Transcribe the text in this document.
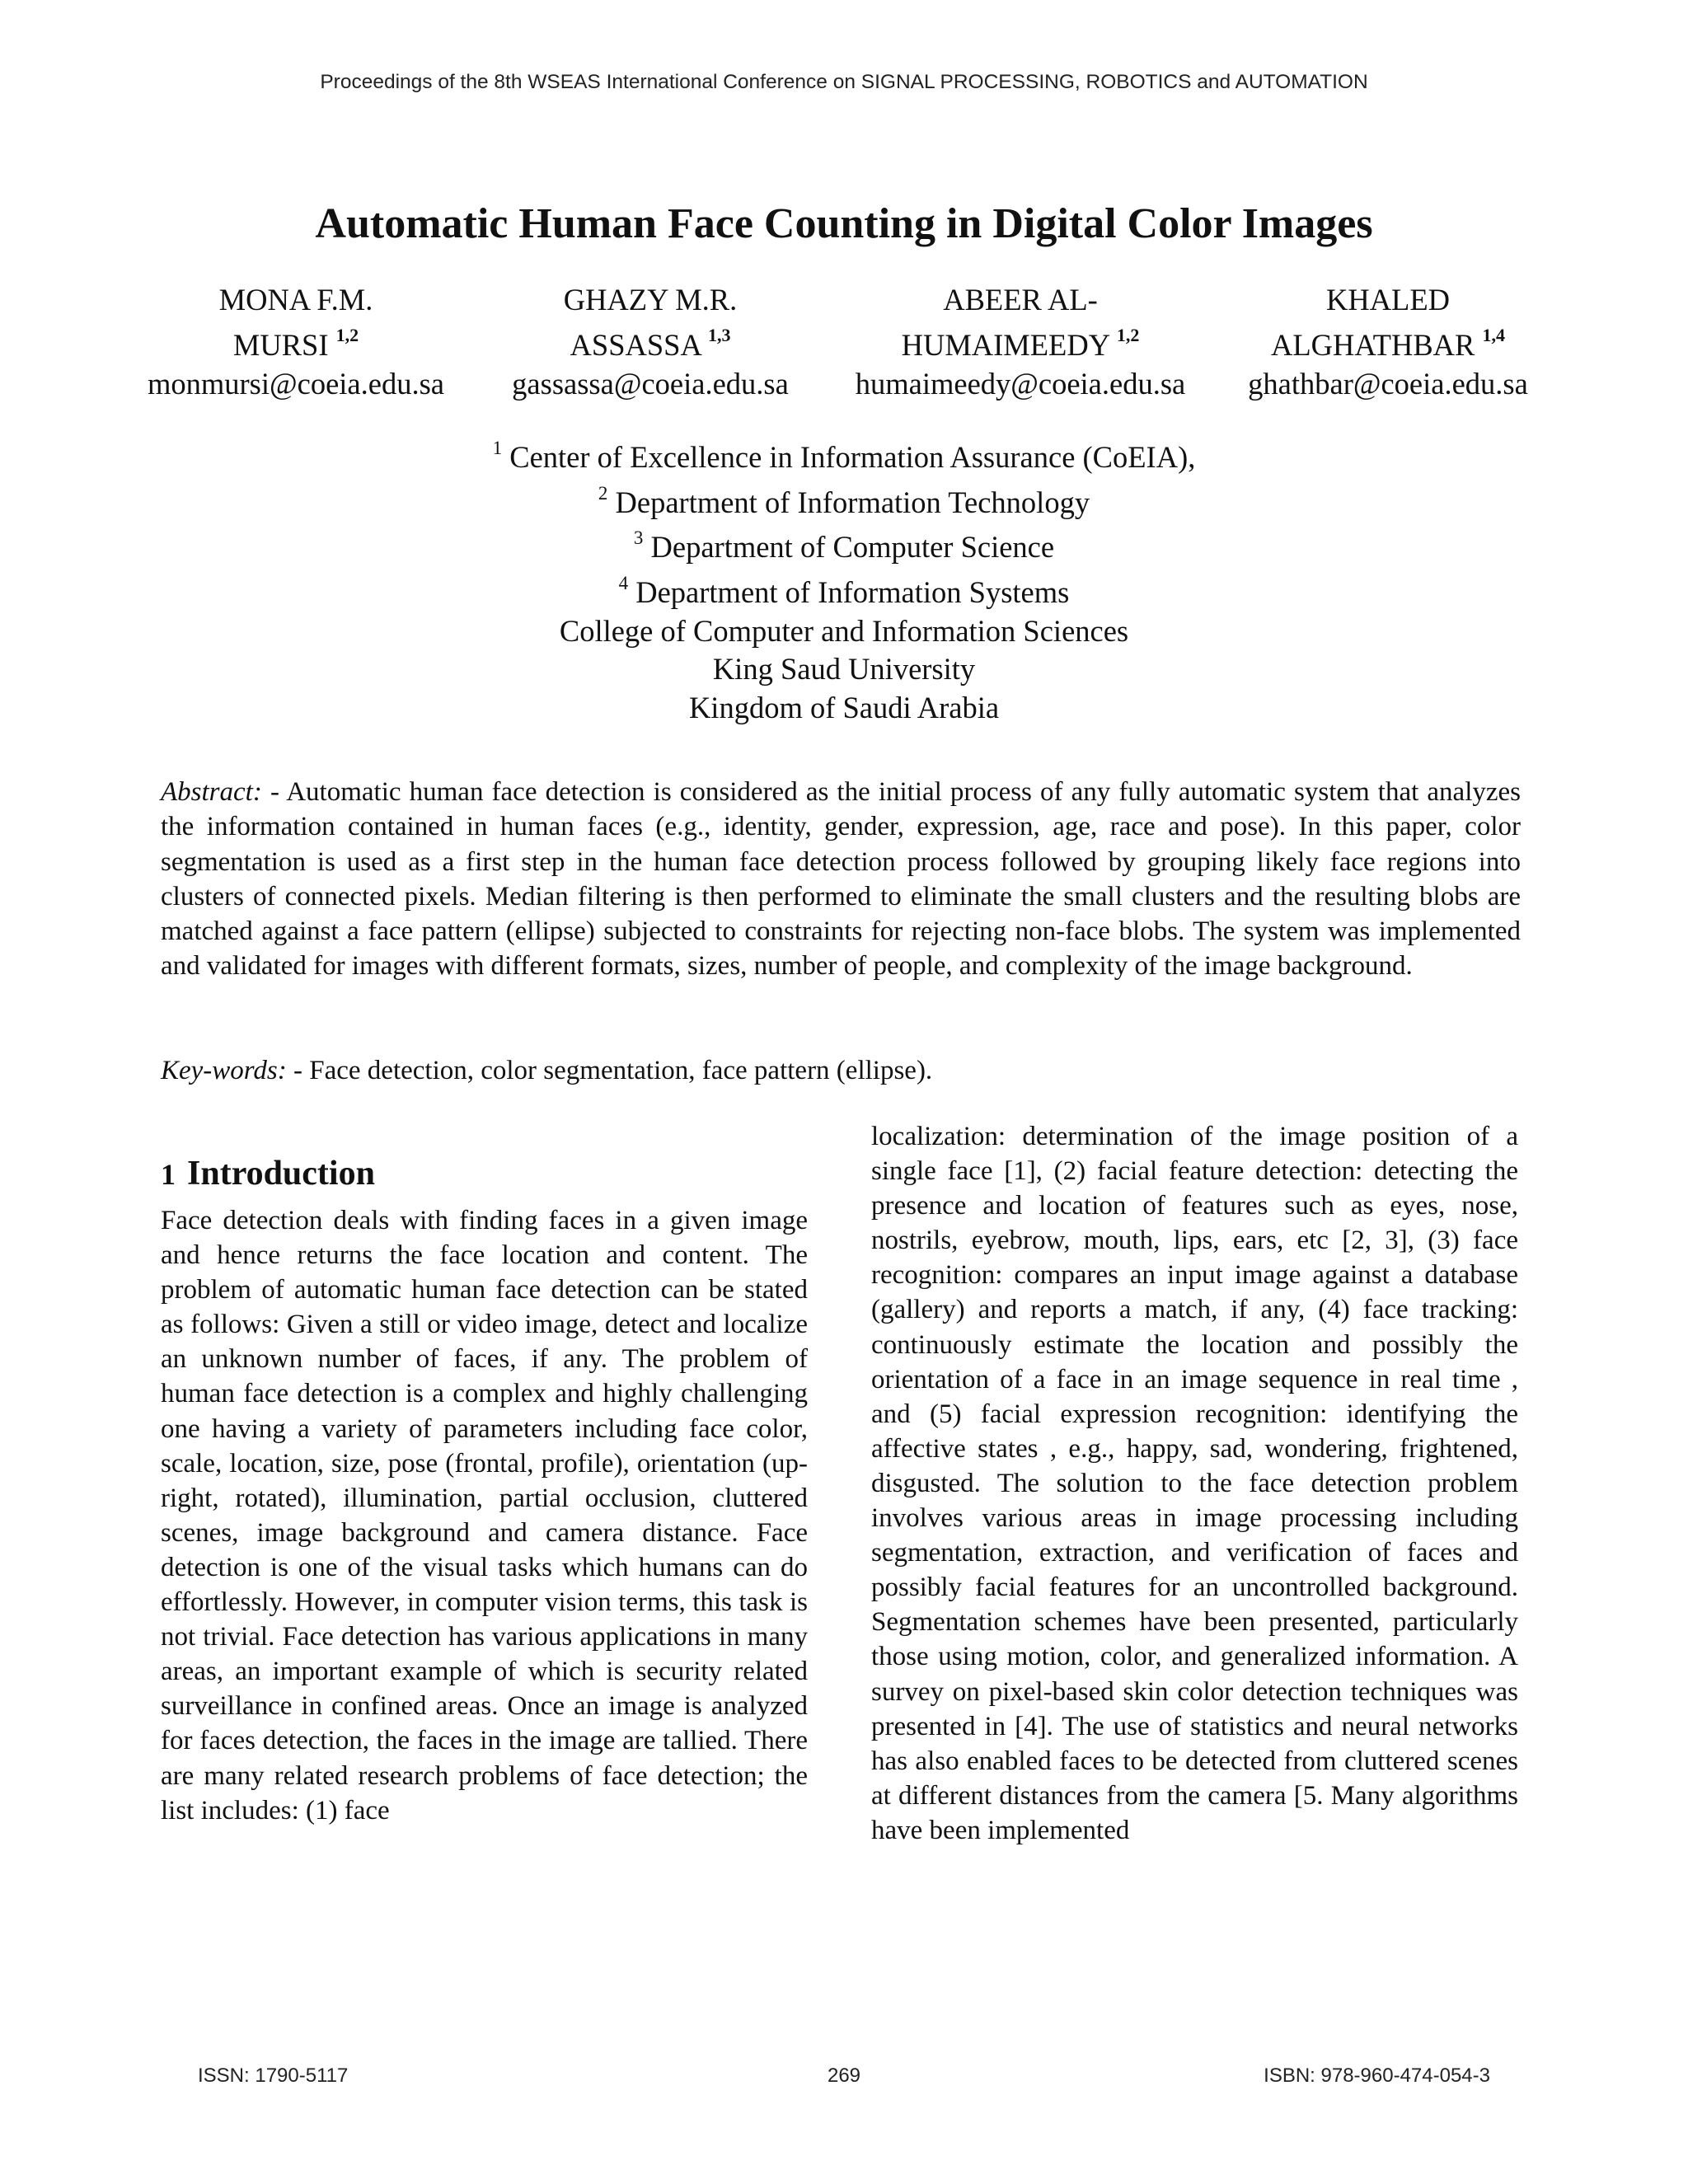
Proceedings of the 8th WSEAS International Conference on SIGNAL PROCESSING, ROBOTICS and AUTOMATION
Automatic Human Face Counting in Digital Color Images
MONA F.M.
MURSI $^{1,2}$
monmursi@coeia.edu.sa
GHAZY M.R.
ASSASSA $^{1,3}$
gassassa@coeia.edu.sa
ABEER AL-
HUMAIMEEDY $^{1,2}$
humaimeedy@coeia.edu.sa
KHALED
ALGHATHBAR $^{1,4}$
ghathbar@coeia.edu.sa
$^1$ Center of Excellence in Information Assurance (CoEIA),
$^2$ Department of Information Technology
$^3$ Department of Computer Science
$^4$ Department of Information Systems
College of Computer and Information Sciences
King Saud University
Kingdom of Saudi Arabia

Abstract: - Automatic human face detection is considered as the initial process of any fully automatic system that analyzes the information contained in human faces (e.g., identity, gender, expression, age, race and pose). In this paper, color segmentation is used as a first step in the human face detection process followed by grouping likely face regions into clusters of connected pixels. Median filtering is then performed to eliminate the small clusters and the resulting blobs are matched against a face pattern (ellipse) subjected to constraints for rejecting non-face blobs. The system was implemented and validated for images with different formats, sizes, number of people, and complexity of the image background.

Key-words: - Face detection, color segmentation, face pattern (ellipse).

1 Introduction

Face detection deals with finding faces in a given image and hence returns the face location and content. The problem of automatic human face detection can be stated as follows: Given a still or video image, detect and localize an unknown number of faces, if any. The problem of human face detection is a complex and highly challenging one having a variety of parameters including face color, scale, location, size, pose (frontal, profile), orientation (up-right, rotated), illumination, partial occlusion, cluttered scenes, image background and camera distance. Face detection is one of the visual tasks which humans can do effortlessly. However, in computer vision terms, this task is not trivial. Face detection has various applications in many areas, an important example of which is security related surveillance in confined areas. Once an image is analyzed for faces detection, the faces in the image are tallied. There are many related research problems of face detection; the list includes: (1) face

localization: determination of the image position of a single face [1], (2) facial feature detection: detecting the presence and location of features such as eyes, nose, nostrils, eyebrow, mouth, lips, ears, etc [2, 3], (3) face recognition: compares an input image against a database (gallery) and reports a match, if any, (4) face tracking: continuously estimate the location and possibly the orientation of a face in an image sequence in real time , and (5) facial expression recognition: identifying the affective states , e.g., happy, sad, wondering, frightened, disgusted. The solution to the face detection problem involves various areas in image processing including segmentation, extraction, and verification of faces and possibly facial features for an uncontrolled background. Segmentation schemes have been presented, particularly those using motion, color, and generalized information. A survey on pixel-based skin color detection techniques was presented in [4]. The use of statistics and neural networks has also enabled faces to be detected from cluttered scenes at different distances from the camera [5. Many algorithms have been implemented

ISSN: 1790-5117	269	ISBN: 978-960-474-054-3
